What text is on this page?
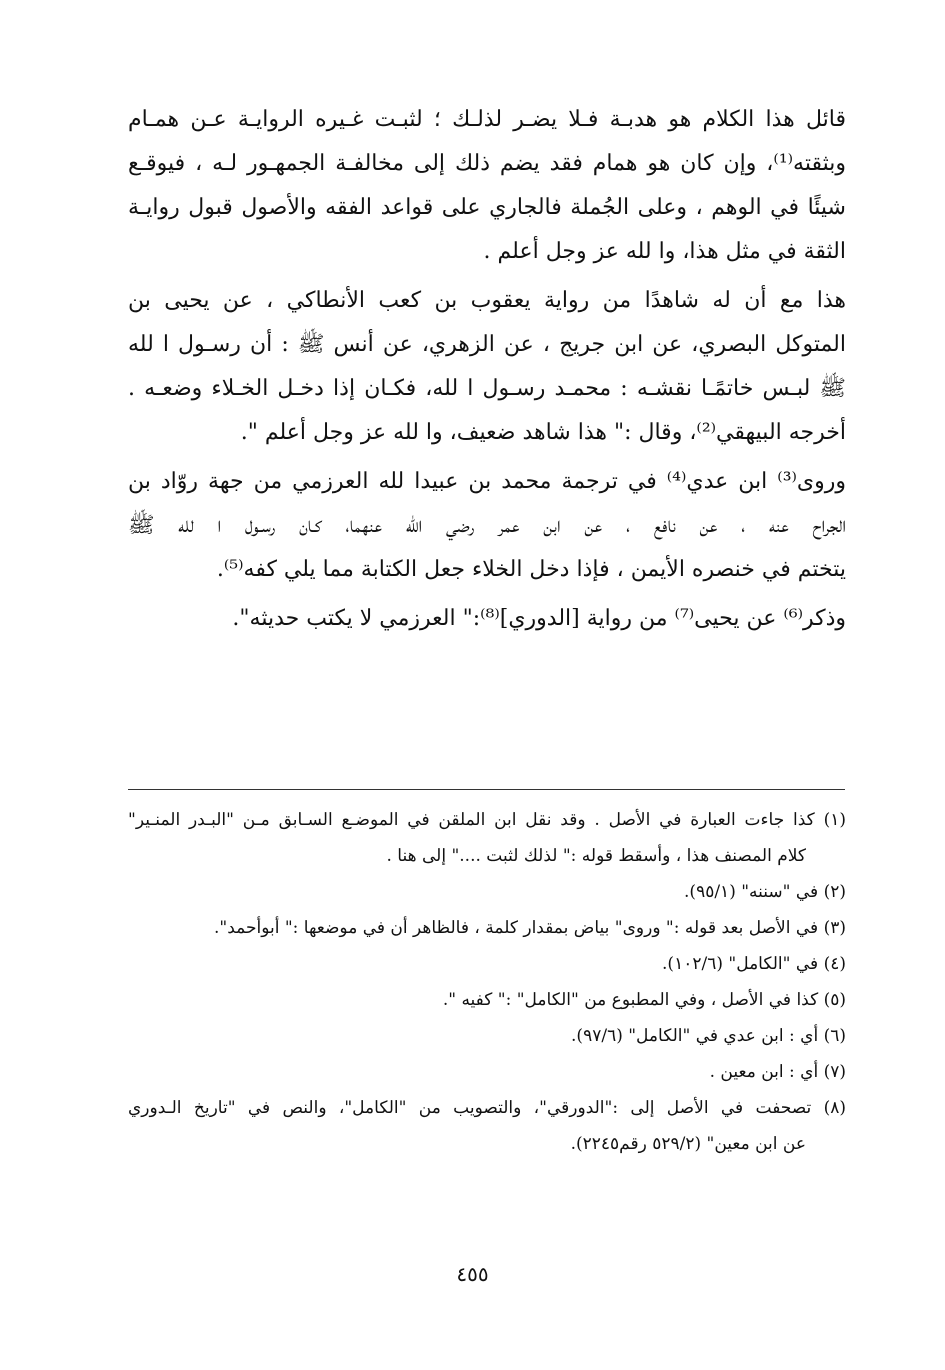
قائل هذا الكلام هو هدبـة فـلا يضـر لذلـك ؛ لثبـت غـيره الروايـة عـن همـام
وبثقته⁽¹⁾، وإن كان هو همام فقد يضم ذلك إلى مخالفـة الجمهـور لـه ، فيوقـع
شيئًا في الوهم ، وعلى الجُملة فالجاري على قواعد الفقه والأصول قبول روايـة
الثقة في مثل هذا، وا لله عز وجل أعلم .
هذا مع أن له شاهدًا من رواية يعقوب بن كعب الأنطاكي ، عن يحيى بن
المتوكل البصري، عن ابن جريج ، عن الزهري، عن أنس ﷺ : أن رسـول ا لله
ﷺ لبـس خاتمًـا نقشـه : محمـد رسـول ا لله، فكـان إذا دخـل الخـلاء وضعـه .
أخرجه البيهقي⁽²⁾، وقال :" هذا شاهد ضعيف، وا لله عز وجل أعلم ".
وروى⁽³⁾ ابن عدي⁽⁴⁾ في ترجمة محمد بن عبيدا لله العرزمي من جهة روّاد بن
الجراح عنه ، عن نافع ، عن ابن عمر رضي الله عنهما، كـان رسـول ا لله ﷺ
يتختم في خنصره الأيمن ، فإذا دخل الخلاء جعل الكتابة مما يلي كفه⁽⁵⁾.
وذكر⁽⁶⁾ عن يحيى⁽⁷⁾ من رواية [الدوري]⁽⁸⁾:" العرزمي لا يكتب حديثه".
(١) كذا جاءت العبارة في الأصل . وقد نقل ابن الملقن في الموضـع السـابق مـن "البـدر المنـير"
كلام المصنف هذا ، وأسقط قوله :" لذلك لثبت ...." إلى هنا .
(٢) في "سننه" (٩٥/١).
(٣) في الأصل بعد قوله :" وروى" بياض بمقدار كلمة ، فالظاهر أن في موضعها :" أبوأحمد".
(٤) في "الكامل" (١٠٢/٦).
(٥) كذا في الأصل ، وفي المطبوع من "الكامل" :" كفيه ".
(٦) أي : ابن عدي في "الكامل" (٩٧/٦).
(٧) أي : ابن معين .
(٨) تصحفت في الأصل إلى :"الدورقي"، والتصويب من "الكامل"، والنص في "تاريخ الـدوري
عن ابن معين" (٥٢٩/٢ رقم٢٢٤٥).
٤٥٥
